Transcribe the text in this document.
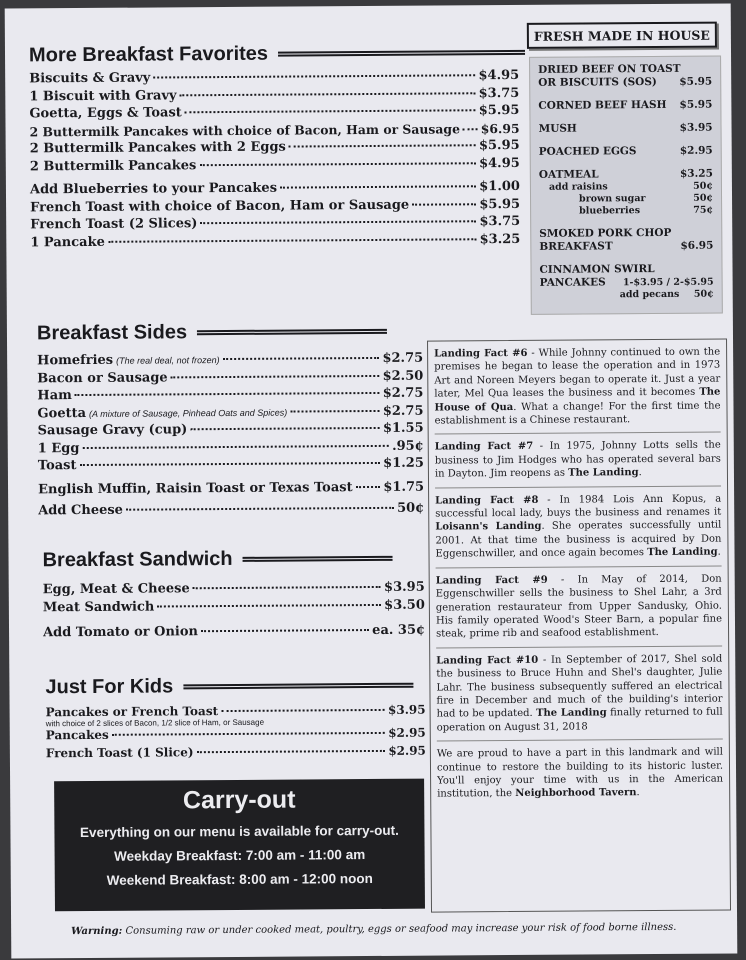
More Breakfast Favorites
Biscuits & Gravy	$4.95
1 Biscuit with Gravy	$3.75
Goetta, Eggs & Toast	$5.95
2 Buttermilk Pancakes with choice of Bacon, Ham or Sausage $6.95
2 Buttermilk Pancakes with 2 Eggs	$5.95
2 Buttermilk Pancakes	$4.95
Add Blueberries to your Pancakes	$1.00
French Toast with choice of Bacon, Ham or Sausage	$5.95
French Toast (2 Slices)	$3.75
1 Pancake	$3.25
FRESH MADE IN HOUSE
DRIED BEEF ON TOAST
OR BISCUITS (SOS) $5.95
CORNED BEEF HASH $5.95
MUSH	$3.95
POACHED EGGS	$2.95
OATMEAL	$3.25
add raisins	50¢
brown sugar	50¢
blueberries	75¢
SMOKED PORK CHOP
BREAKFAST	$6.95
CINNAMON SWIRL
PANCAKES 1-$3.95 / 2-$5.95
add pecans 50¢
Breakfast Sides
Homefries (The real deal, not frozen)	$2.75
Bacon or Sausage	$2.50
Ham	$2.75
Goetta (A mixture of Sausage, Pinhead Oats and Spices)	$2.75
Sausage Gravy (cup)	$1.55
1 Egg	.95¢
Toast	$1.25
English Muffin, Raisin Toast or Texas Toast $1.75
Add Cheese	50¢
Breakfast Sandwich
Egg, Meat & Cheese	$3.95
Meat Sandwich	$3.50
Add Tomato or Onion	ea. 35¢
Just For Kids
Pancakes or French Toast	$3.95
with choice of 2 slices of Bacon, 1/2 slice of Ham, or Sausage
Pancakes	$2.95
French Toast (1 Slice)	$2.95
Landing Fact #6 - While Johnny continued to own the premises he began to lease the operation and in 1973 Art and Noreen Meyers began to operate it. Just a year later, Mel Qua leases the business and it becomes The House of Qua. What a change! For the first time the establishment is a Chinese restaurant.
Landing Fact #7 - In 1975, Johnny Lotts sells the business to Jim Hodges who has operated several bars in Dayton. Jim reopens as The Landing.
Landing Fact #8 - In 1984 Lois Ann Kopus, a successful local lady, buys the business and renames it Loisann's Landing. She operates successfully until 2001. At that time the business is acquired by Don Eggenschwiller, and once again becomes The Landing.
Landing Fact #9 - In May of 2014, Don Eggenschwiller sells the business to Shel Lahr, a 3rd generation restaurateur from Upper Sandusky, Ohio. His family operated Wood's Steer Barn, a popular fine steak, prime rib and seafood establishment.
Landing Fact #10 - In September of 2017, Shel sold the business to Bruce Huhn and Shel's daughter, Julie Lahr. The business subsequently suffered an electrical fire in December and much of the building's interior had to be updated. The Landing finally returned to full operation on August 31, 2018
We are proud to have a part in this landmark and will continue to restore the building to its historic luster. You'll enjoy your time with us in the American institution, the Neighborhood Tavern.
Carry-out
Everything on our menu is available for carry-out.
Weekday Breakfast: 7:00 am - 11:00 am
Weekend Breakfast: 8:00 am - 12:00 noon
Warning: Consuming raw or under cooked meat, poultry, eggs or seafood may increase your risk of food borne illness.
